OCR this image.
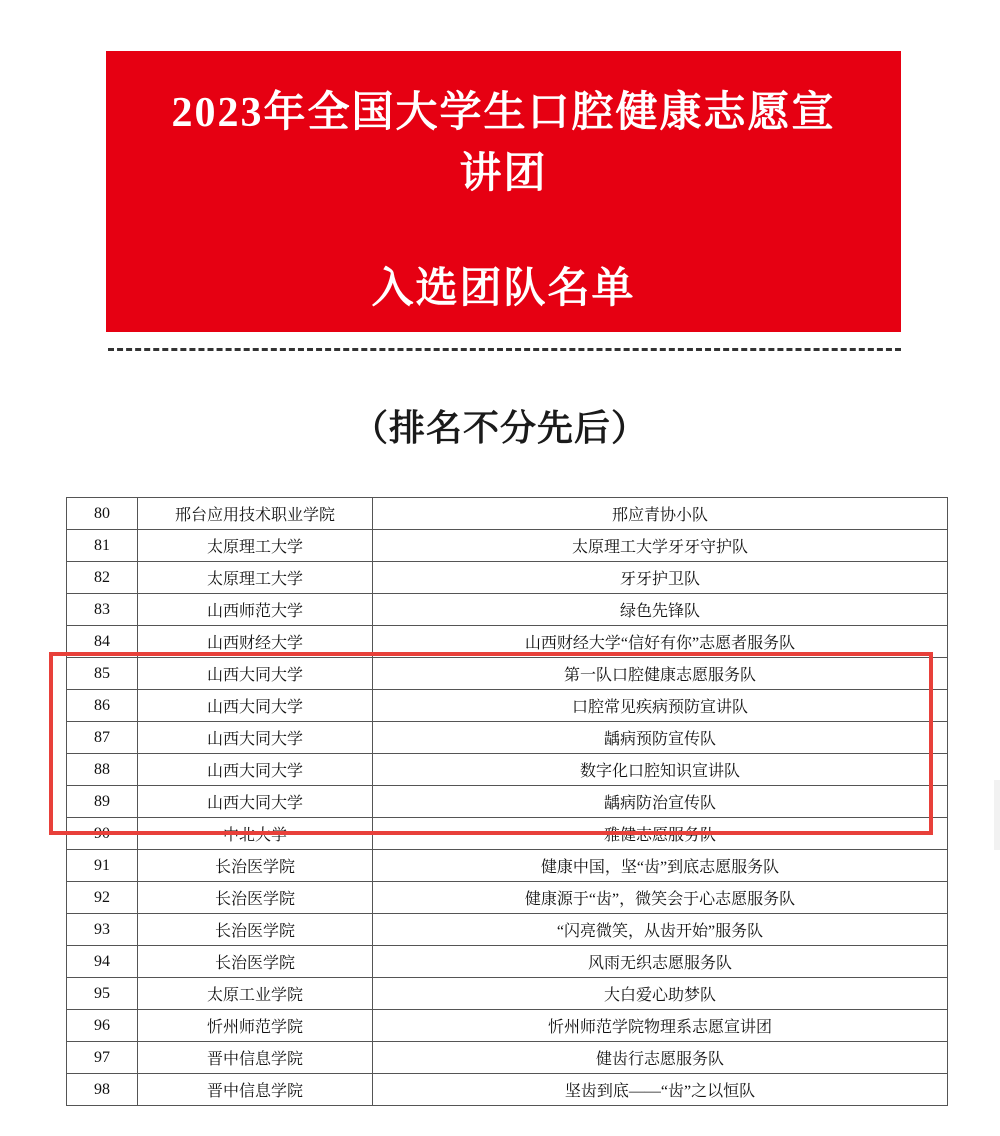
2023年全国大学生口腔健康志愿宣讲团
入选团队名单
（排名不分先后）
80	邢台应用技术职业学院	邢应青协小队
81	太原理工大学	太原理工大学牙牙守护队
82	太原理工大学	牙牙护卫队
83	山西师范大学	绿色先锋队
84	山西财经大学	山西财经大学“信好有你”志愿者服务队
85	山西大同大学	第一队口腔健康志愿服务队
86	山西大同大学	口腔常见疾病预防宣讲队
87	山西大同大学	龋病预防宣传队
88	山西大同大学	数字化口腔知识宣讲队
89	山西大同大学	龋病防治宣传队
90	中北大学	雅健志愿服务队
91	长治医学院	健康中国，坚“齿”到底志愿服务队
92	长治医学院	健康源于“齿”，微笑会于心志愿服务队
93	长治医学院	“闪亮微笑，从齿开始”服务队
94	长治医学院	风雨无织志愿服务队
95	太原工业学院	大白爱心助梦队
96	忻州师范学院	忻州师范学院物理系志愿宣讲团
97	晋中信息学院	健齿行志愿服务队
98	晋中信息学院	坚齿到底——“齿”之以恒队
